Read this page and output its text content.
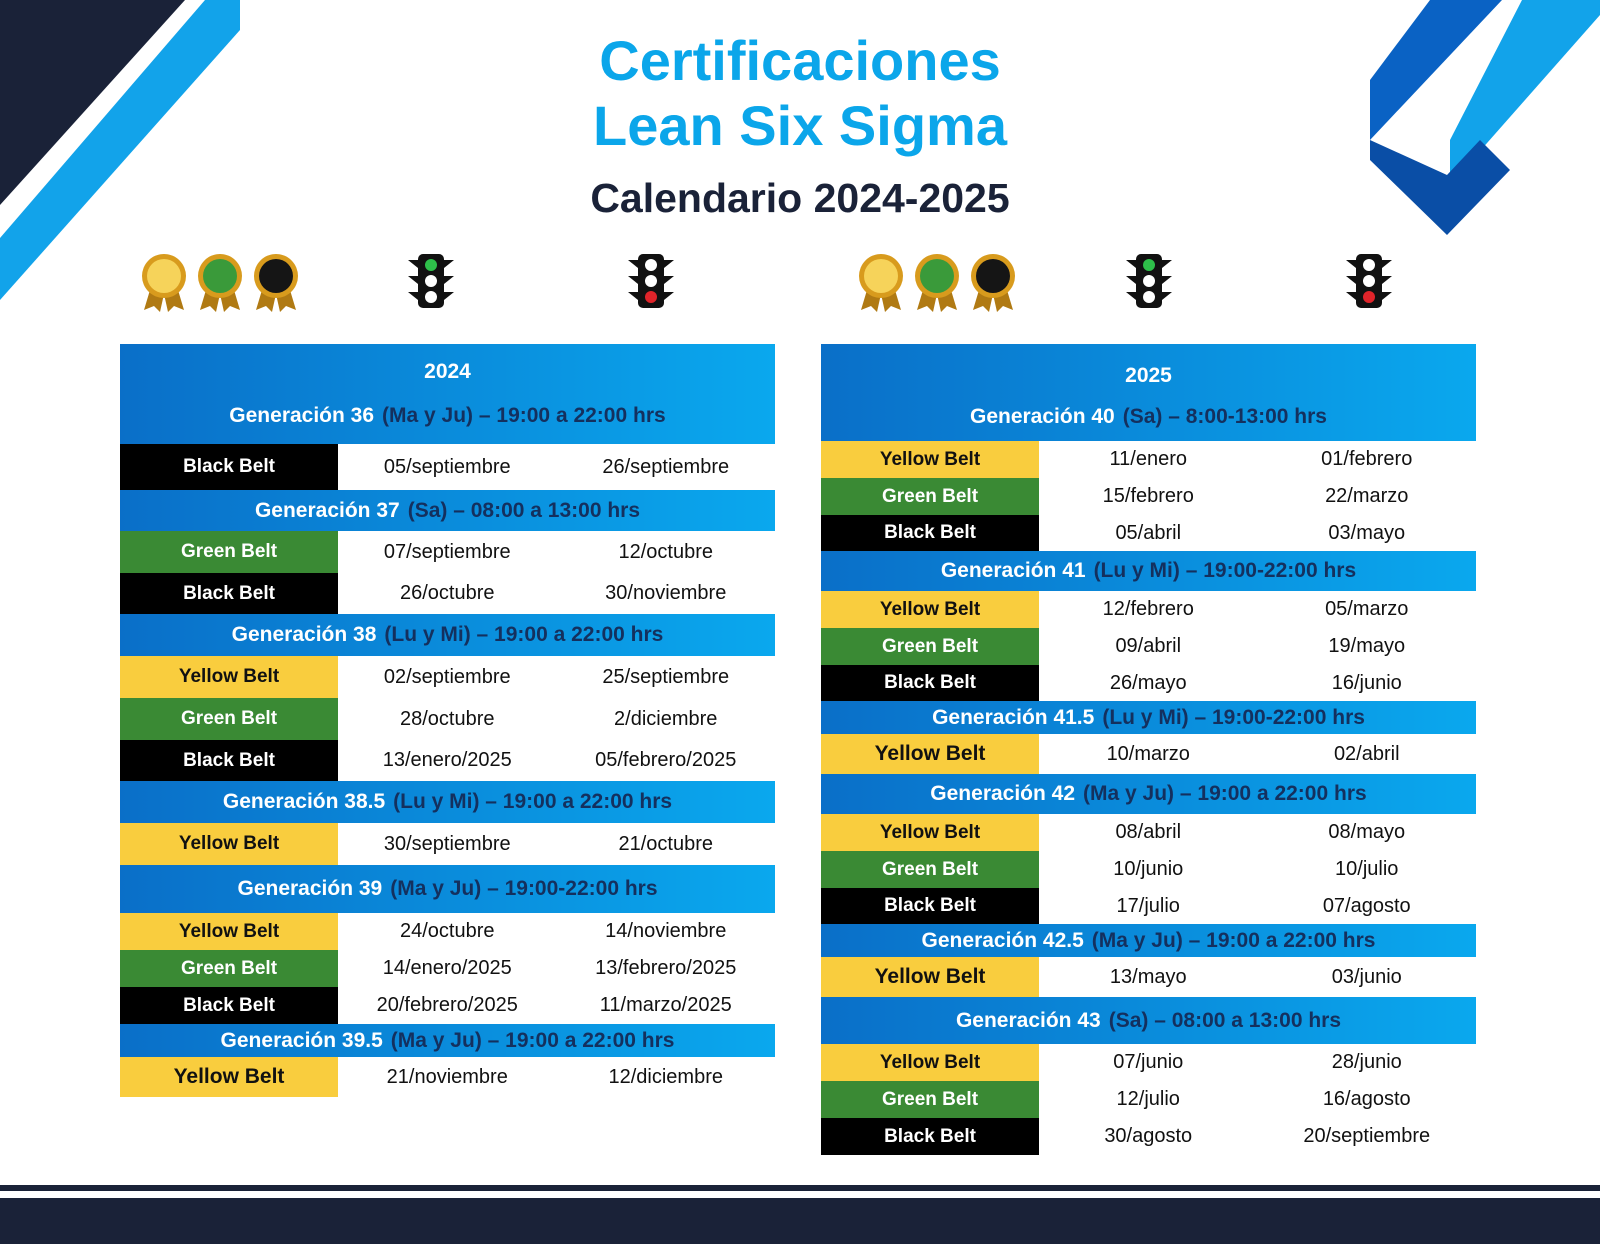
Certificaciones
Lean Six Sigma
Calendario 2024-2025
2024
Generación 36 (Ma y Ju) – 19:00 a 22:00 hrs
Black Belt	05/septiembre	26/septiembre
Generación 37 (Sa) – 08:00 a 13:00 hrs
Green Belt	07/septiembre	12/octubre
Black Belt	26/octubre	30/noviembre
Generación 38 (Lu y Mi) – 19:00 a 22:00 hrs
Yellow Belt	02/septiembre	25/septiembre
Green Belt	28/octubre	2/diciembre
Black Belt	13/enero/2025	05/febrero/2025
Generación 38.5 (Lu y Mi) – 19:00 a 22:00 hrs
Yellow Belt	30/septiembre	21/octubre
Generación 39 (Ma y Ju) – 19:00-22:00 hrs
Yellow Belt	24/octubre	14/noviembre
Green Belt	14/enero/2025	13/febrero/2025
Black Belt	20/febrero/2025	11/marzo/2025
Generación 39.5 (Ma y Ju) – 19:00 a 22:00 hrs
Yellow Belt	21/noviembre	12/diciembre
2025
Generación 40 (Sa) – 8:00-13:00 hrs
Yellow Belt	11/enero	01/febrero
Green Belt	15/febrero	22/marzo
Black Belt	05/abril	03/mayo
Generación 41 (Lu y Mi) – 19:00-22:00 hrs
Yellow Belt	12/febrero	05/marzo
Green Belt	09/abril	19/mayo
Black Belt	26/mayo	16/junio
Generación 41.5 (Lu y Mi) – 19:00-22:00 hrs
Yellow Belt	10/marzo	02/abril
Generación 42 (Ma y Ju) – 19:00 a 22:00 hrs
Yellow Belt	08/abril	08/mayo
Green Belt	10/junio	10/julio
Black Belt	17/julio	07/agosto
Generación 42.5 (Ma y Ju) – 19:00 a 22:00 hrs
Yellow Belt	13/mayo	03/junio
Generación 43 (Sa) – 08:00 a 13:00 hrs
Yellow Belt	07/junio	28/junio
Green Belt	12/julio	16/agosto
Black Belt	30/agosto	20/septiembre
